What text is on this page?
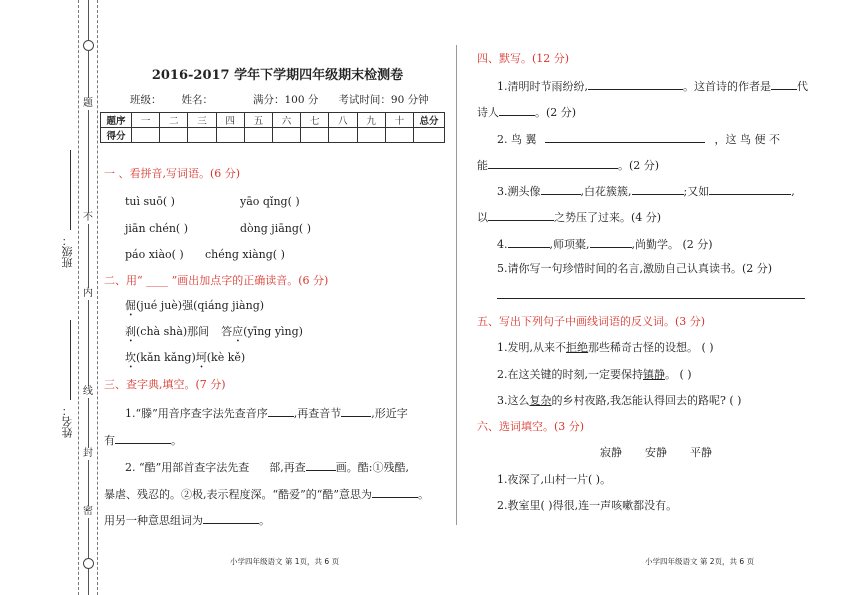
班级：
姓名：
题
不
内
线
封
密
2016-2017 学年下学期四年级期末检测卷
班级： 姓名：	满分：100 分 考试时间：90 分钟
题序	一	二	三	四	五	六	七	八	九	十	总分
得分											
一 、看拼音,写词语。(6 分)
tuì suō( )	yāo qǐng( )
jiān chén( )	dòng jiāng( )
páo xiào( ) chéng xiàng( )
二、用“ ____ ”画出加点字的正确读音。(6 分)
倔(jué juè)强(qiáng jiàng)
刹(chà shà)那间 答应(yīng yìng)
坎(kǎn kǎng)坷(kè kě)
三、查字典,填空。(7 分)
1.“滕”用音序查字法先查音序 ,再查音节	,形近字
有	。
2. “酷”用部首查字法先查 部,再查	画。酷:①残酷,
暴虐、残忍的。②极,表示程度深。“酷爱”的“酷”意思为	。
用另一种意思组词为	。
四、默写。(12 分)
1.清明时节雨纷纷,	。这首诗的作者是 代
诗人	。(2 分)
2. 鸟 翼	，这 鸟 便 不
能	。(2 分)
3.溯头像	,白花簇簇,	;又如	,
以	之势压了过来。(4 分)
4.	,师项橐,	,尚勤学。 (2 分)
5.请你写一句珍惜时间的名言,激励自己认真读书。(2 分)
五、写出下列句子中画线词语的反义词。(3 分)
1.发明,从来不拒绝那些稀奇古怪的设想。 ( )
2.在这关键的时刻,一定要保持镇静。 ( )
3.这么复杂的乡村夜路,我怎能认得回去的路呢? ( )
六、选词填空。(3 分)
寂静 安静 平静
1.夜深了,山村一片( )。
2.教室里( )得很,连一声咳嗽都没有。
小学四年级语文 第 1页，共 6 页	小学四年级语文 第 2页，共 6 页
